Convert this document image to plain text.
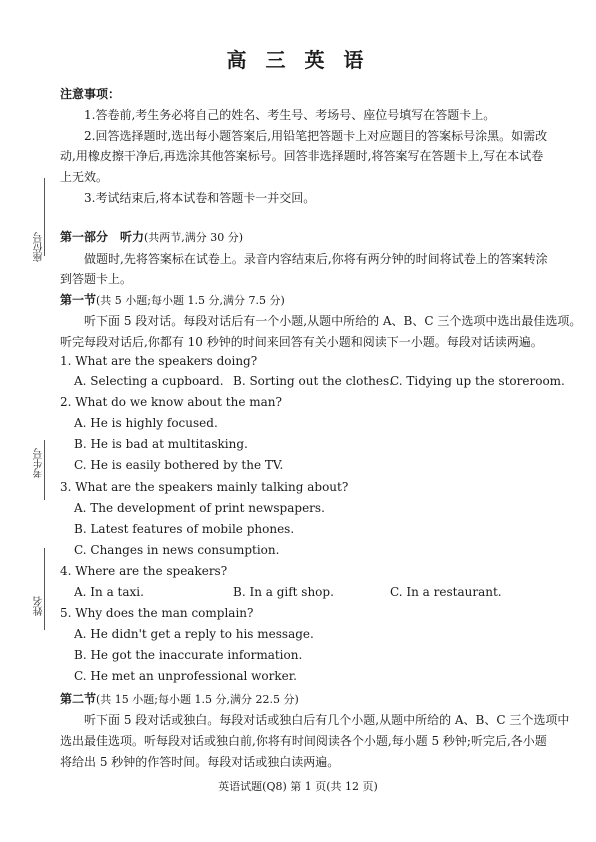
高 三 英 语
座位号
考生号
姓名
注意事项：
1.答卷前,考生务必将自己的姓名、考生号、考场号、座位号填写在答题卡上。
2.回答选择题时,选出每小题答案后,用铅笔把答题卡上对应题目的答案标号涂黑。如需改
动,用橡皮擦干净后,再选涂其他答案标号。回答非选择题时,将答案写在答题卡上,写在本试卷
上无效。
3.考试结束后,将本试卷和答题卡一并交回。
第一部分　听力(共两节,满分 30 分)
做题时,先将答案标在试卷上。录音内容结束后,你将有两分钟的时间将试卷上的答案转涂
到答题卡上。
第一节(共 5 小题;每小题 1.5 分,满分 7.5 分)
听下面 5 段对话。每段对话后有一个小题,从题中所给的 A、B、C 三个选项中选出最佳选项。
听完每段对话后,你都有 10 秒钟的时间来回答有关小题和阅读下一小题。每段对话读两遍。
1. What are the speakers doing?
A. Selecting a cupboard. B. Sorting out the clothes.
C. Tidying up the storeroom.
2. What do we know about the man?
A. He is highly focused.
B. He is bad at multitasking.
C. He is easily bothered by the TV.
3. What are the speakers mainly talking about?
A. The development of print newspapers.
B. Latest features of mobile phones.
C. Changes in news consumption.
4. Where are the speakers?
A. In a taxi.	B. In a gift shop.	C. In a restaurant.
5. Why does the man complain?
A. He didn't get a reply to his message.
B. He got the inaccurate information.
C. He met an unprofessional worker.
第二节(共 15 小题;每小题 1.5 分,满分 22.5 分)
听下面 5 段对话或独白。每段对话或独白后有几个小题,从题中所给的 A、B、C 三个选项中
选出最佳选项。听每段对话或独白前,你将有时间阅读各个小题,每小题 5 秒钟;听完后,各小题
将给出 5 秒钟的作答时间。每段对话或独白读两遍。
英语试题(Q8) 第 1 页(共 12 页)
